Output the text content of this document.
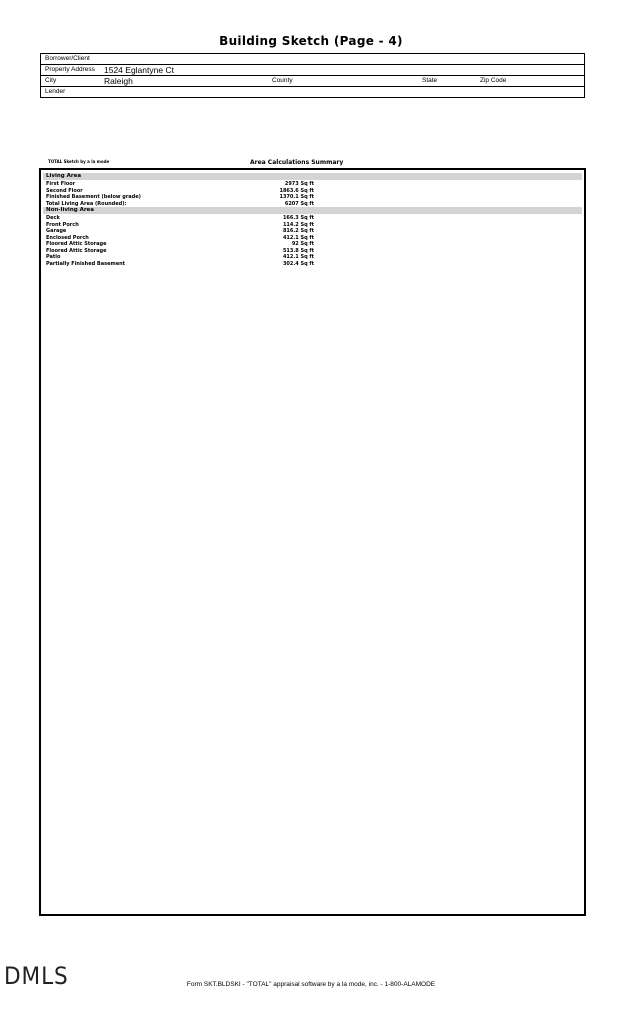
Building Sketch (Page - 4)
Borrower/Client

Property Address 1524 Eglantyne Ct

City	Raleigh	County	State	Zip Code

Lender
TOTAL Sketch by a la mode	Area Calculations Summary
Living Area
First Floor	2973 Sq ft
Second Floor	1863.6 Sq ft
Finished Basement (below grade)	1370.1 Sq ft
Total Living Area (Rounded):	6207 Sq ft
Non-living Area
Deck	166.3 Sq ft
Front Porch	114.2 Sq ft
Garage	816.2 Sq ft
Enclosed Porch	412.1 Sq ft
Floored Attic Storage	92 Sq ft
Floored Attic Storage	513.8 Sq ft
Patio	412.1 Sq ft
Partially Finished Basement	302.4 Sq ft
DMLS	Form SKT.BLDSKI - "TOTAL" appraisal software by a la mode, inc. - 1-800-ALAMODE
